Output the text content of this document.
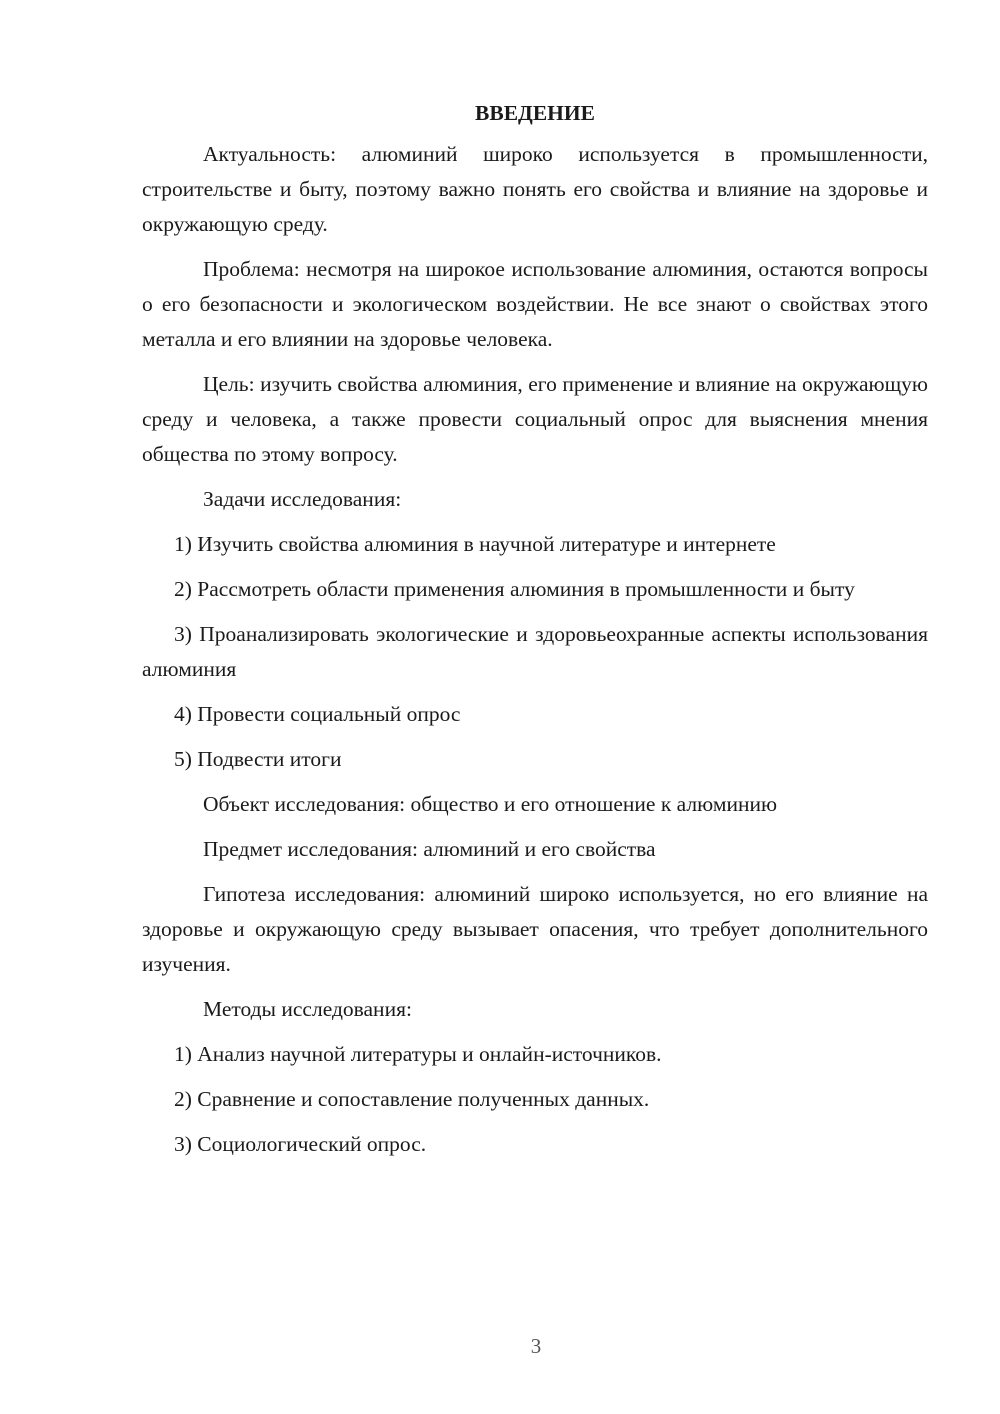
ВВЕДЕНИЕ
Актуальность: алюминий широко используется в промышленности, строительстве и быту, поэтому важно понять его свойства и влияние на здоровье и окружающую среду.
Проблема: несмотря на широкое использование алюминия, остаются вопросы о его безопасности и экологическом воздействии. Не все знают о свойствах этого металла и его влиянии на здоровье человека.
Цель: изучить свойства алюминия, его применение и влияние на окружающую среду и человека, а также провести социальный опрос для выяснения мнения общества по этому вопросу.
Задачи исследования:
1) Изучить свойства алюминия в научной литературе и интернете
2) Рассмотреть области применения алюминия в промышленности и быту
3) Проанализировать экологические и здоровьеохранные аспекты использования алюминия
4) Провести социальный опрос
5) Подвести итоги
Объект исследования: общество и его отношение к алюминию
Предмет исследования: алюминий и его свойства
Гипотеза исследования: алюминий широко используется, но его влияние на здоровье и окружающую среду вызывает опасения, что требует дополнительного изучения.
Методы исследования:
1) Анализ научной литературы и онлайн-источников.
2) Сравнение и сопоставление полученных данных.
3) Социологический опрос.
3
